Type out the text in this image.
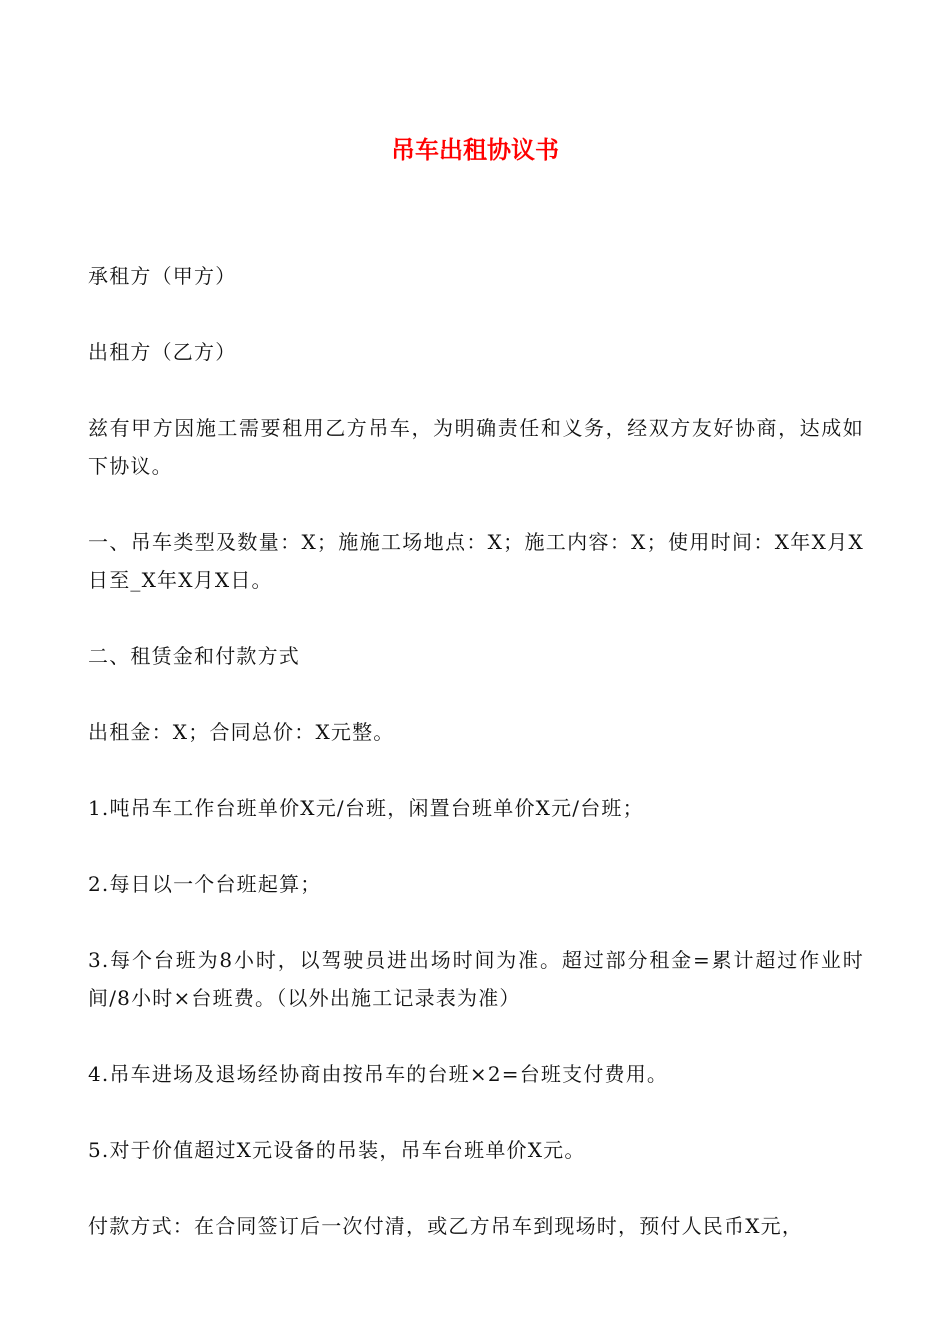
吊车出租协议书

承租方（甲方）

出租方（乙方）

兹有甲方因施工需要租用乙方吊车，为明确责任和义务，经双方友好协商，达成如下协议。

一、吊车类型及数量：X；施施工场地点：X；施工内容：X；使用时间：X年X月X日至_X年X月X日。

二、租赁金和付款方式

出租金：X；合同总价：X元整。

1.吨吊车工作台班单价X元/台班，闲置台班单价X元/台班；

2.每日以一个台班起算；

3.每个台班为8小时，以驾驶员进出场时间为准。超过部分租金=累计超过作业时间/8小时×台班费。（以外出施工记录表为准）

4.吊车进场及退场经协商由按吊车的台班×2=台班支付费用。

5.对于价值超过X元设备的吊装，吊车台班单价X元。

付款方式：在合同签订后一次付清，或乙方吊车到现场时，预付人民币X元，
